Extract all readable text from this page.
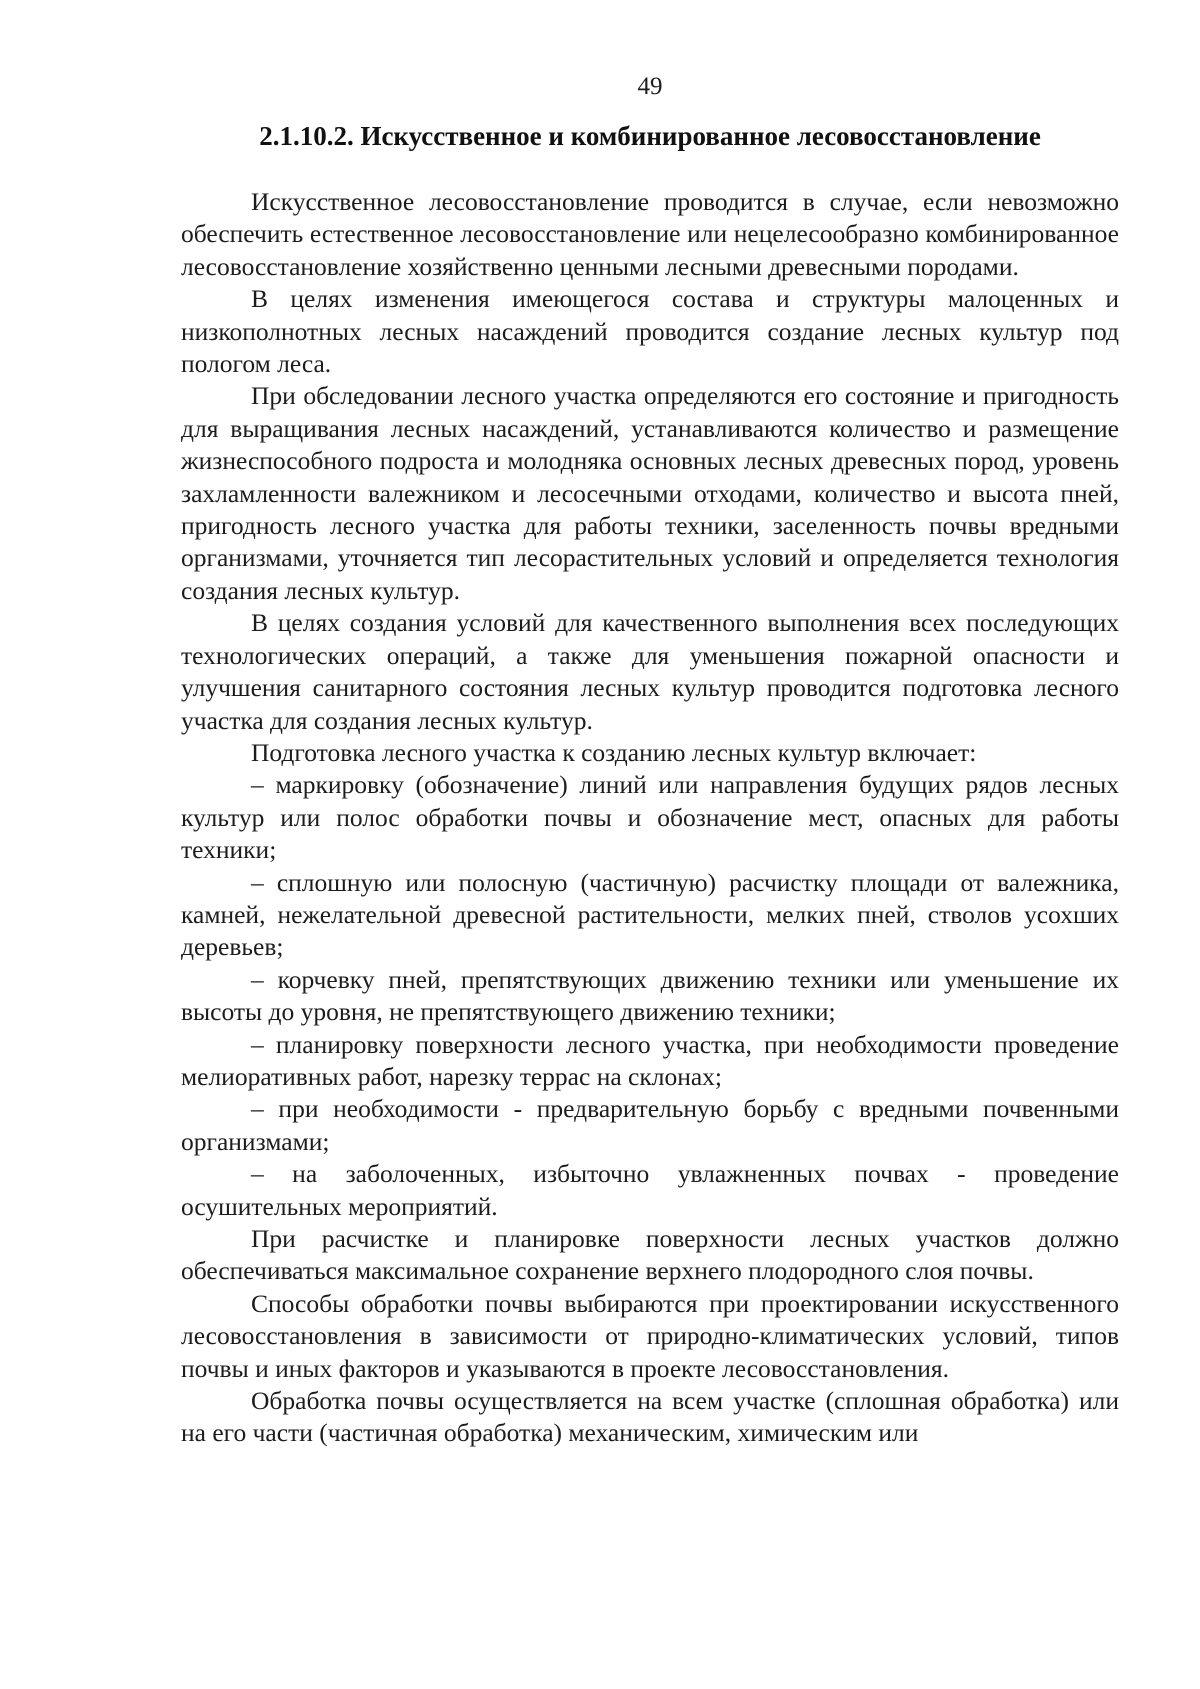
49

2.1.10.2. Искусственное и комбинированное лесовосстановление

Искусственное лесовосстановление проводится в случае, если невозможно обеспечить естественное лесовосстановление или нецелесообразно комбинированное лесовосстановление хозяйственно ценными лесными древесными породами.

В целях изменения имеющегося состава и структуры малоценных и низкополнотных лесных насаждений проводится создание лесных культур под пологом леса.

При обследовании лесного участка определяются его состояние и пригодность для выращивания лесных насаждений, устанавливаются количество и размещение жизнеспособного подроста и молодняка основных лесных древесных пород, уровень захламленности валежником и лесосечными отходами, количество и высота пней, пригодность лесного участка для работы техники, заселенность почвы вредными организмами, уточняется тип лесорастительных условий и определяется технология создания лесных культур.

В целях создания условий для качественного выполнения всех последующих технологических операций, а также для уменьшения пожарной опасности и улучшения санитарного состояния лесных культур проводится подготовка лесного участка для создания лесных культур.

Подготовка лесного участка к созданию лесных культур включает:

– маркировку (обозначение) линий или направления будущих рядов лесных культур или полос обработки почвы и обозначение мест, опасных для работы техники;

– сплошную или полосную (частичную) расчистку площади от валежника, камней, нежелательной древесной растительности, мелких пней, стволов усохших деревьев;

– корчевку пней, препятствующих движению техники или уменьшение их высоты до уровня, не препятствующего движению техники;

– планировку поверхности лесного участка, при необходимости проведение мелиоративных работ, нарезку террас на склонах;

– при необходимости - предварительную борьбу с вредными почвенными организмами;

– на заболоченных, избыточно увлажненных почвах - проведение осушительных мероприятий.

При расчистке и планировке поверхности лесных участков должно обеспечиваться максимальное сохранение верхнего плодородного слоя почвы.

Способы обработки почвы выбираются при проектировании искусственного лесовосстановления в зависимости от природно-климатических условий, типов почвы и иных факторов и указываются в проекте лесовосстановления.

Обработка почвы осуществляется на всем участке (сплошная обработка) или на его части (частичная обработка) механическим, химическим или
